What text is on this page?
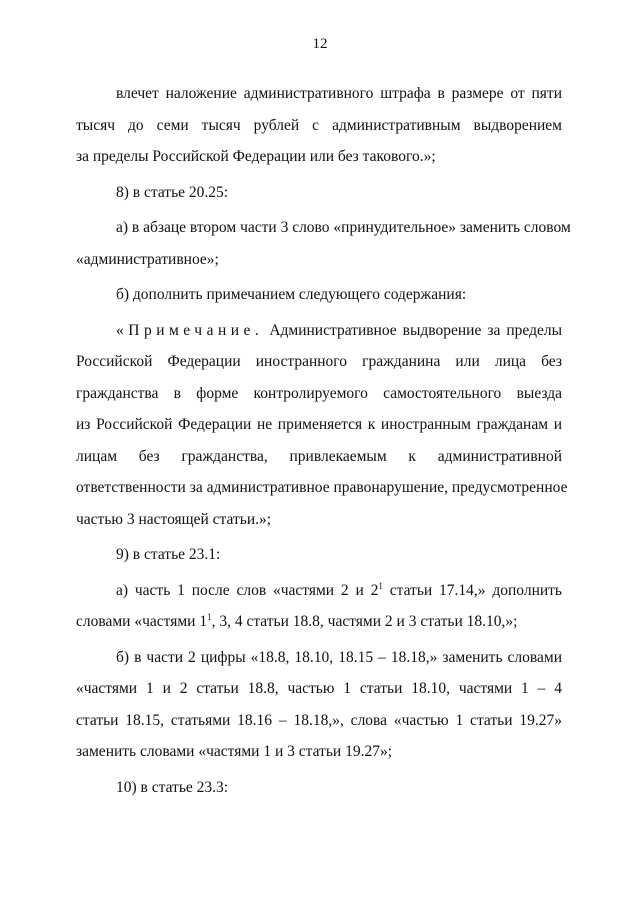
12
влечет наложение административного штрафа в размере от пяти
тысяч до семи тысяч рублей с административным выдворением
за пределы Российской Федерации или без такового.»;
8) в статье 20.25:
а) в абзаце втором части 3 слово «принудительное» заменить словом
«административное»;
б) дополнить примечанием следующего содержания:
«Примечание. Административное выдворение за пределы
Российской Федерации иностранного гражданина или лица без
гражданства в форме контролируемого самостоятельного выезда
из Российской Федерации не применяется к иностранным гражданам и
лицам без гражданства, привлекаемым к административной
ответственности за административное правонарушение, предусмотренное
частью 3 настоящей статьи.»;
9) в статье 23.1:
а) часть 1 после слов «частями 2 и $2^1$ статьи 17.14,» дополнить
словами «частями $1^1$, 3, 4 статьи 18.8, частями 2 и 3 статьи 18.10,»;
б) в части 2 цифры «18.8, 18.10, 18.15 – 18.18,» заменить словами
«частями 1 и 2 статьи 18.8, частью 1 статьи 18.10, частями 1 – 4
статьи 18.15, статьями 18.16 – 18.18,», слова «частью 1 статьи 19.27»
заменить словами «частями 1 и 3 статьи 19.27»;
10) в статье 23.3:
